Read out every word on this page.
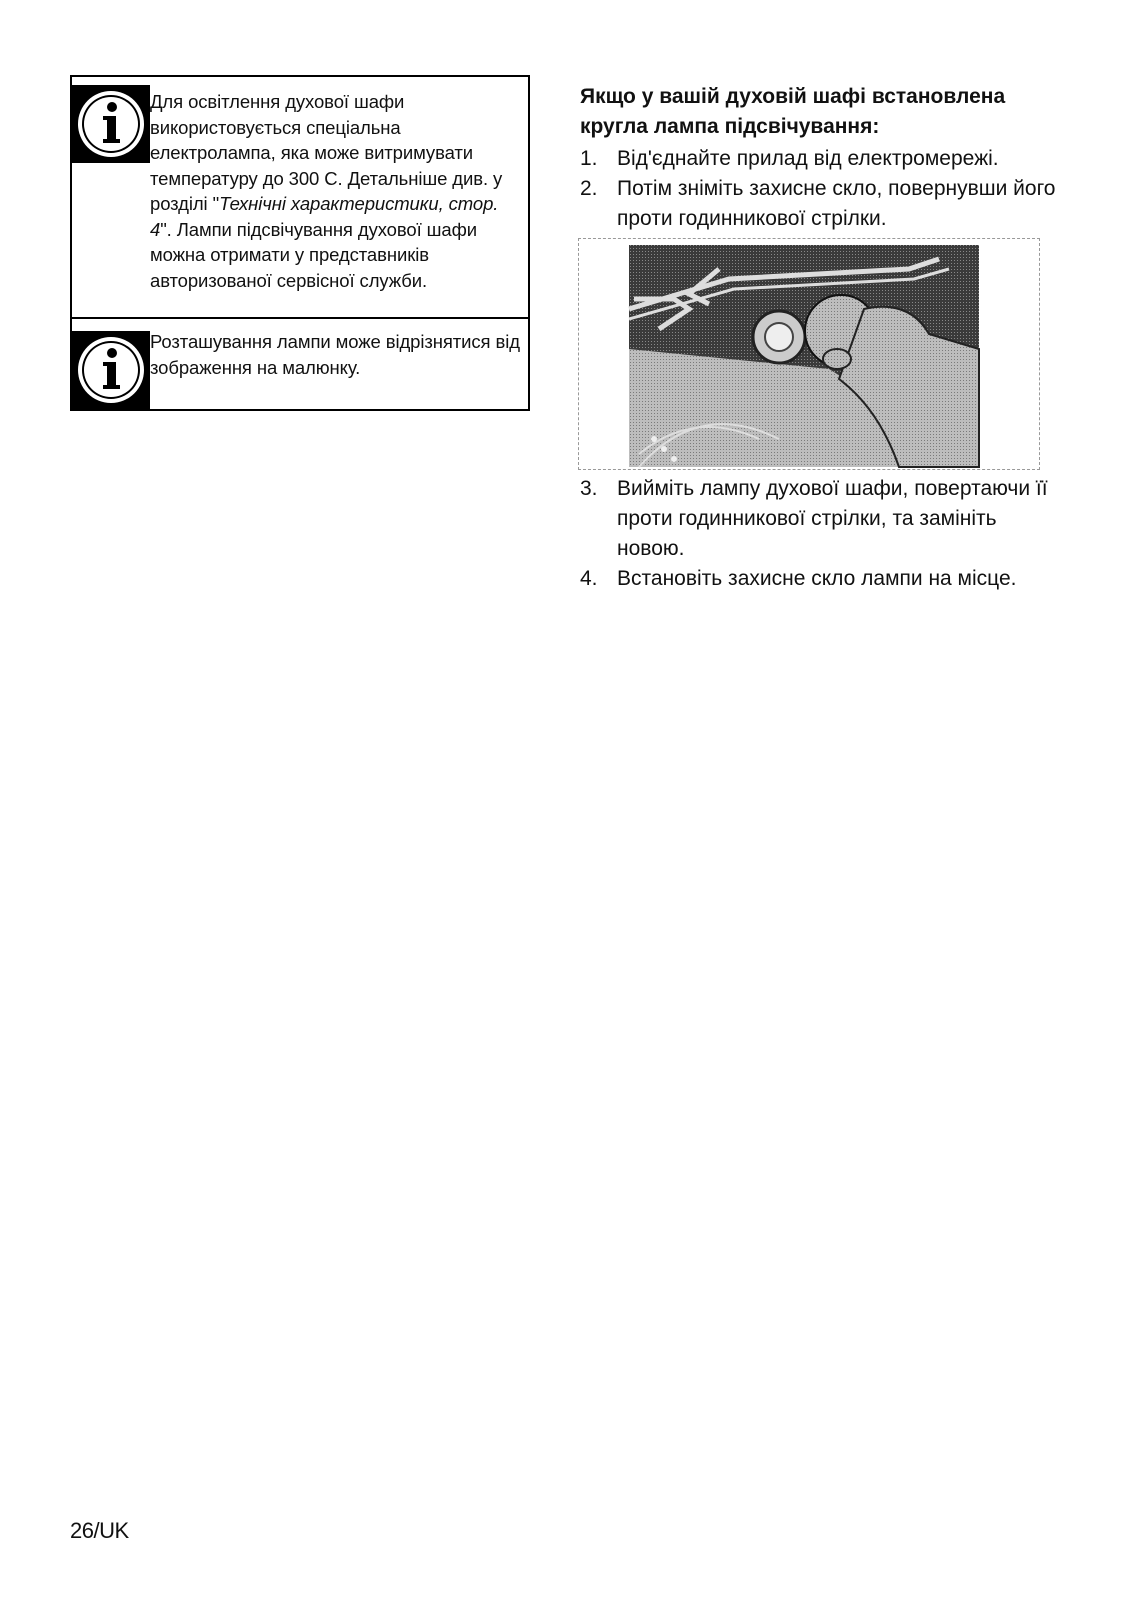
Для освітлення духової шафи використовується спеціальна електролампа, яка може витримувати температуру до 300 С. Детальніше див. у розділі "Технічні характеристики, стор. 4". Лампи підсвічування духової шафи можна отримати у представників авторизованої сервісної служби.
Розташування лампи може відрізнятися від зображення на малюнку.
Якщо у вашій духовій шафі встановлена кругла лампа підсвічування:
1. Від'єднайте прилад від електромережі.
2. Потім зніміть захисне скло, повернувши його проти годинникової стрілки.
3. Вийміть лампу духової шафи, повертаючи її проти годинникової стрілки, та замініть новою.
4. Встановіть захисне скло лампи на місце.
26/UK
